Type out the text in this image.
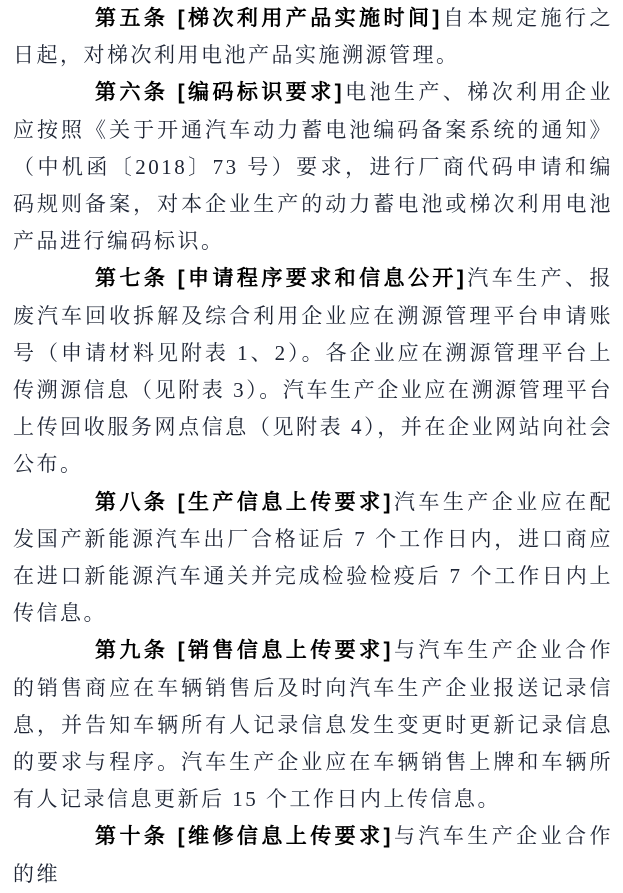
第五条 [梯次利用产品实施时间]自本规定施行之日起，对梯次利用电池产品实施溯源管理。

第六条 [编码标识要求]电池生产、梯次利用企业应按照《关于开通汽车动力蓄电池编码备案系统的通知》（中机函〔2018〕73 号）要求，进行厂商代码申请和编码规则备案，对本企业生产的动力蓄电池或梯次利用电池产品进行编码标识。

第七条 [申请程序要求和信息公开]汽车生产、报废汽车回收拆解及综合利用企业应在溯源管理平台申请账号（申请材料见附表 1、2）。各企业应在溯源管理平台上传溯源信息（见附表 3）。汽车生产企业应在溯源管理平台上传回收服务网点信息（见附表 4），并在企业网站向社会公布。

第八条 [生产信息上传要求]汽车生产企业应在配发国产新能源汽车出厂合格证后 7 个工作日内，进口商应在进口新能源汽车通关并完成检验检疫后 7 个工作日内上传信息。

第九条 [销售信息上传要求]与汽车生产企业合作的销售商应在车辆销售后及时向汽车生产企业报送记录信息，并告知车辆所有人记录信息发生变更时更新记录信息的要求与程序。汽车生产企业应在车辆销售上牌和车辆所有人记录信息更新后 15 个工作日内上传信息。

第十条 [维修信息上传要求]与汽车生产企业合作的维
